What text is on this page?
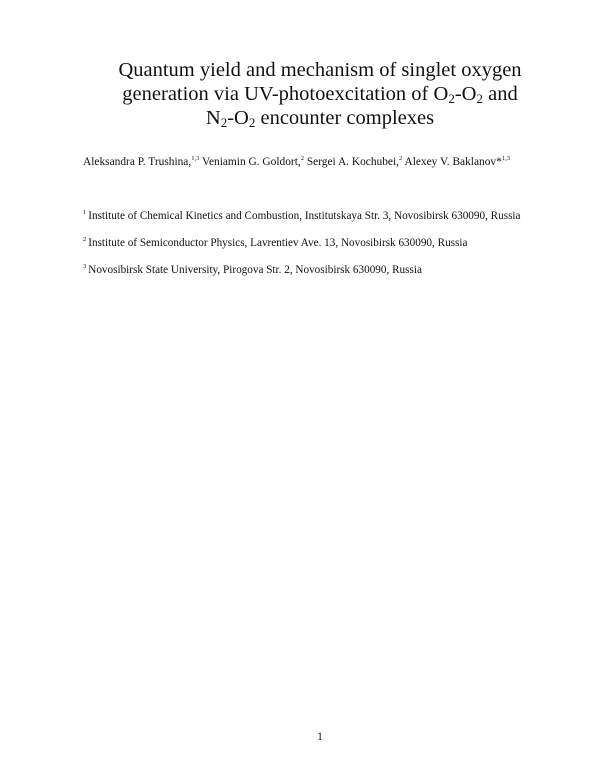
Quantum yield and mechanism of singlet oxygen
generation via UV-photoexcitation of $O_2-O_2$ and
$N_2-O_2$ encounter complexes
Aleksandra P. Trushina,$^{1,3}$ Veniamin G. Goldort,$^2$ Sergei A. Kochubei,$^2$ Alexey V. Baklanov*$^{1,3}$
$^1$ Institute of Chemical Kinetics and Combustion, Institutskaya Str. 3, Novosibirsk 630090, Russia
$^2$ Institute of Semiconductor Physics, Lavrentiev Ave. 13, Novosibirsk 630090, Russia
$^3$ Novosibirsk State University, Pirogova Str. 2, Novosibirsk 630090, Russia
1
